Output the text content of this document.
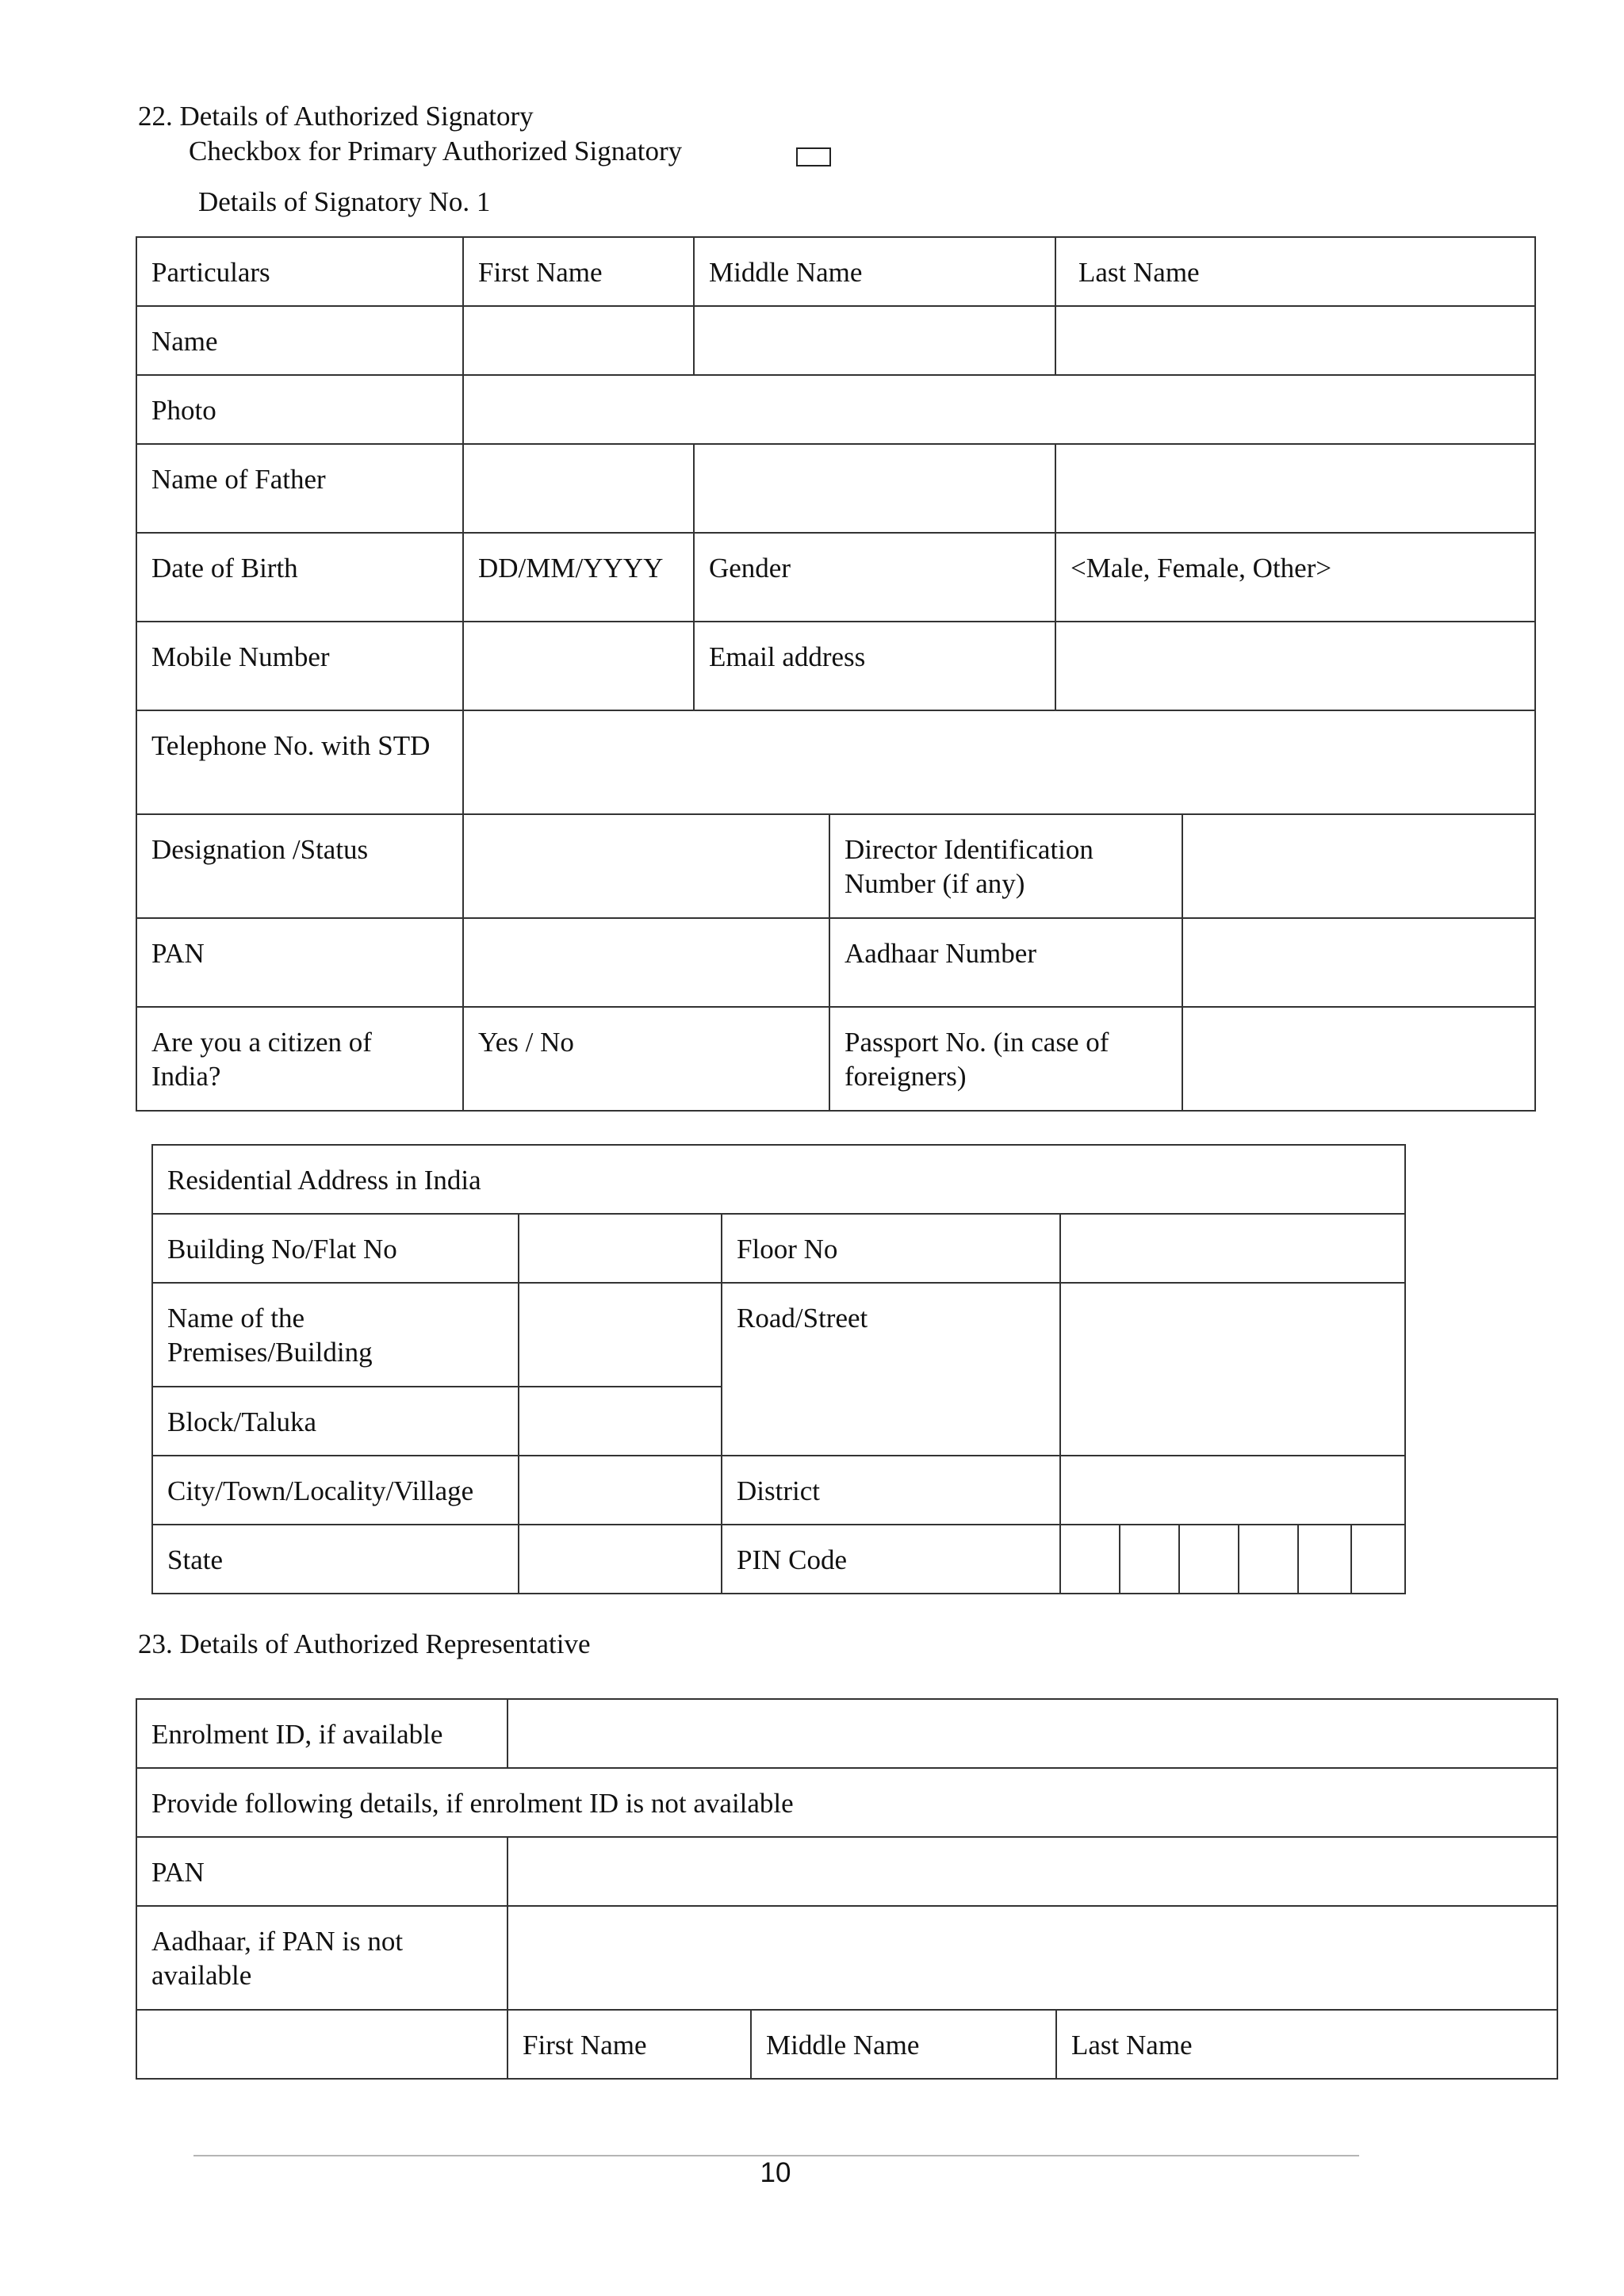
22. Details of Authorized Signatory
Checkbox for Primary Authorized Signatory
Details of Signatory No. 1
Particulars	First Name	Middle Name		Last Name	
Name					
Photo					
Name of Father					
Date of Birth	DD/MM/YYYY	Gender		<Male, Female, Other>	
Mobile Number		Email address			
Telephone No. with STD					
Designation /Status			Director Identification Number (if any)		
PAN			Aadhaar Number		
Are you a citizen of India?	Yes / No		Passport No. (in case of foreigners)		
Residential Address in India								
Building No/Flat No		Floor No						
Name of the Premises/Building		Road/Street						
Block/Taluka								
City/Town/Locality/Village		District						
State		PIN Code						
23. Details of Authorized Representative
Enrolment ID, if available			
Provide following details, if enrolment ID is not available			
PAN			
Aadhaar, if PAN is not available			
	First Name	Middle Name	Last Name
10
